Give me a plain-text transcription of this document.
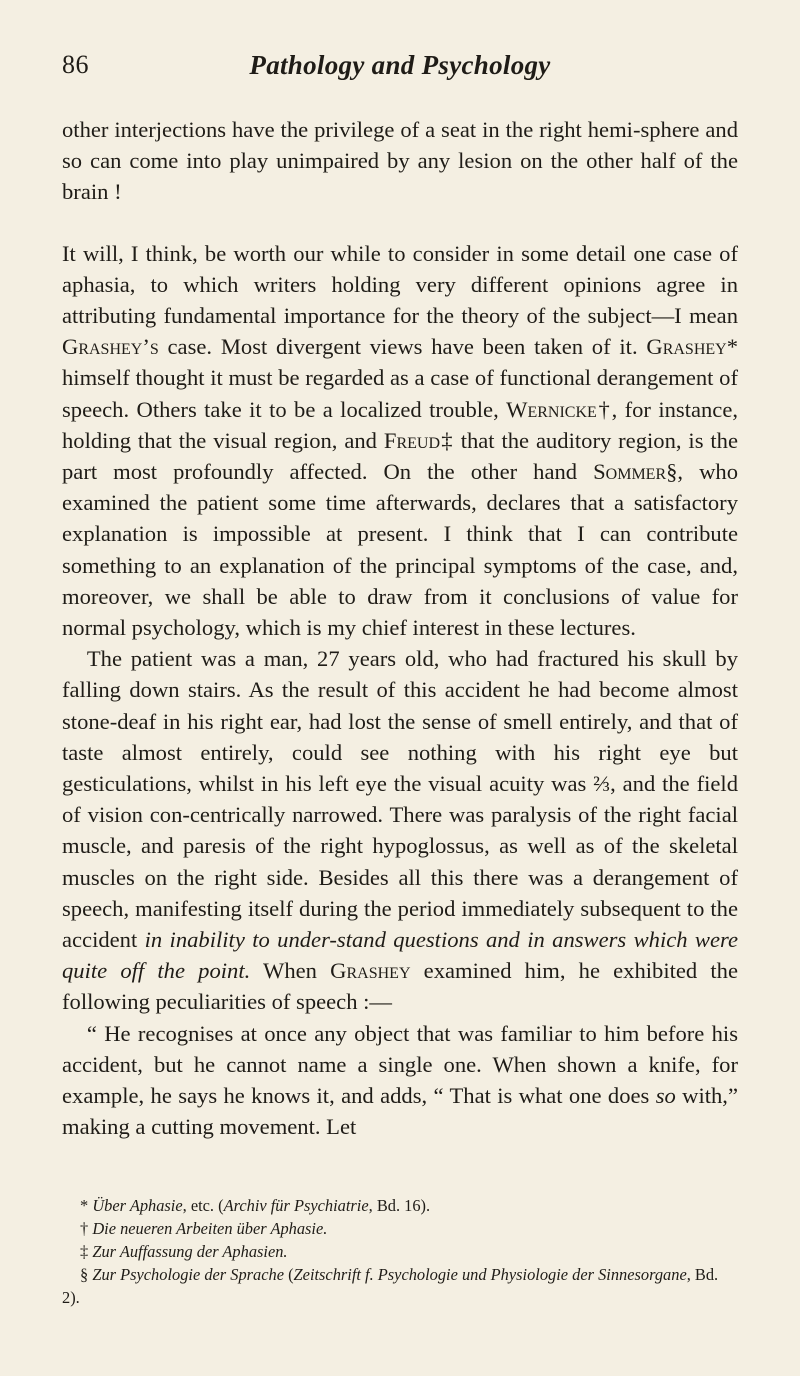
86	Pathology and Psychology

other interjections have the privilege of a seat in the right hemi-sphere and so can come into play unimpaired by any lesion on the other half of the brain !

It will, I think, be worth our while to consider in some detail one case of aphasia, to which writers holding very different opinions agree in attributing fundamental importance for the theory of the subject—I mean Grashey’s case. Most divergent views have been taken of it. Grashey* himself thought it must be regarded as a case of functional derangement of speech. Others take it to be a localized trouble, Wernicke†, for instance, holding that the visual region, and Freud‡ that the auditory region, is the part most profoundly affected. On the other hand Sommer§, who examined the patient some time afterwards, declares that a satisfactory explanation is impossible at present. I think that I can contribute something to an explanation of the principal symptoms of the case, and, moreover, we shall be able to draw from it conclusions of value for normal psychology, which is my chief interest in these lectures.

The patient was a man, 27 years old, who had fractured his skull by falling down stairs. As the result of this accident he had become almost stone-deaf in his right ear, had lost the sense of smell entirely, and that of taste almost entirely, could see nothing with his right eye but gesticulations, whilst in his left eye the visual acuity was ⅔, and the field of vision con-centrically narrowed. There was paralysis of the right facial muscle, and paresis of the right hypoglossus, as well as of the skeletal muscles on the right side. Besides all this there was a derangement of speech, manifesting itself during the period immediately subsequent to the accident in inability to under-stand questions and in answers which were quite off the point. When Grashey examined him, he exhibited the following peculiarities of speech :—

“ He recognises at once any object that was familiar to him before his accident, but he cannot name a single one. When shown a knife, for example, he says he knows it, and adds, “ That is what one does so with,” making a cutting movement. Let

* Über Aphasie, etc. (Archiv für Psychiatrie, Bd. 16).

† Die neueren Arbeiten über Aphasie.

‡ Zur Auffassung der Aphasien.

§ Zur Psychologie der Sprache (Zeitschrift f. Psychologie und Physiologie der Sinnesorgane, Bd. 2).
